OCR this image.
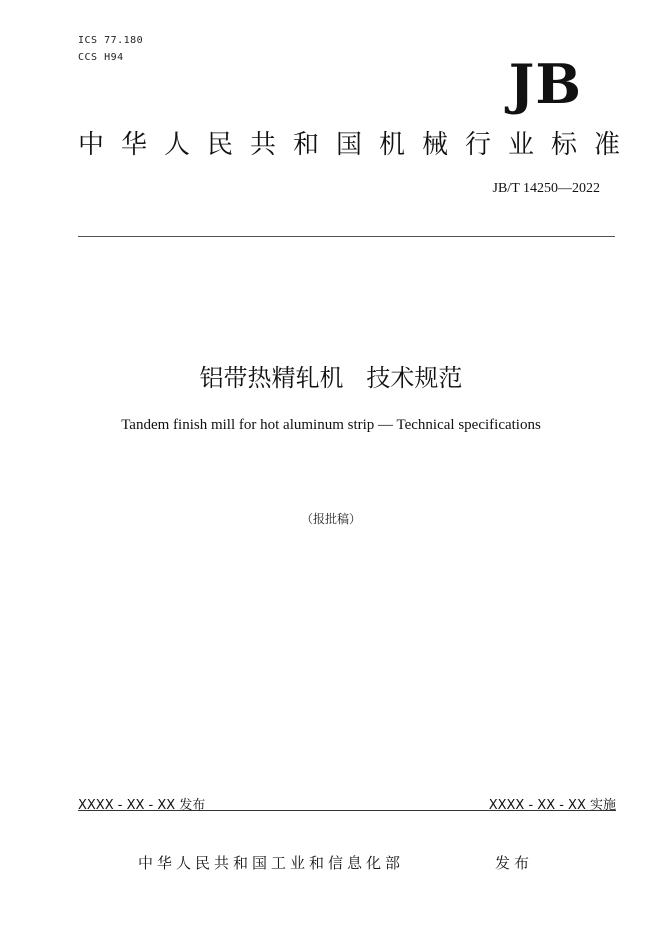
ICS 77.180
CCS H94	JB
中华人民共和国机械行业标准
JB/T 14250—2022
铝带热精轧机   技术规范
Tandem finish mill for hot aluminum strip — Technical specifications
（报批稿）
XXXX - XX - XX 发布	XXXX - XX - XX 实施
中华人民共和国工业和信息化部	发布
